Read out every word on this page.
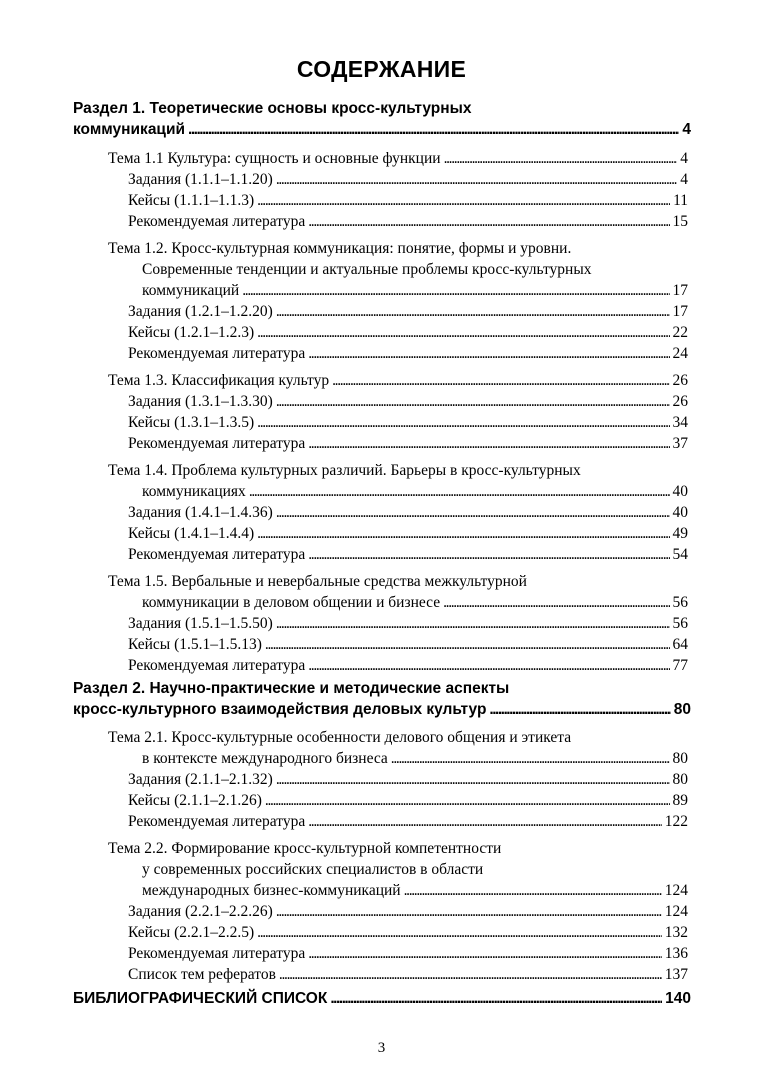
СОДЕРЖАНИЕ
Раздел 1. Теоретические основы кросс-культурных
коммуникаций . . .	4
Тема 1.1 Культура: сущность и основные функции . . .	4
Задания (1.1.1–1.1.20) . . .	4
Кейсы (1.1.1–1.1.3) . . .	11
Рекомендуемая литература . . .	15
Тема 1.2. Кросс-культурная коммуникация: понятие, формы и уровни.
Современные тенденции и актуальные проблемы кросс-культурных
коммуникаций . . .	17
Задания (1.2.1–1.2.20) . . .	17
Кейсы (1.2.1–1.2.3) . . .	22
Рекомендуемая литература . . .	24
Тема 1.3. Классификация культур . . .	26
Задания (1.3.1–1.3.30) . . .	26
Кейсы (1.3.1–1.3.5) . . .	34
Рекомендуемая литература . . .	37
Тема 1.4. Проблема культурных различий. Барьеры в кросс-культурных
коммуникациях . . .	40
Задания (1.4.1–1.4.36) . . .	40
Кейсы (1.4.1–1.4.4) . . .	49
Рекомендуемая литература . . .	54
Тема 1.5. Вербальные и невербальные средства межкультурной
коммуникации в деловом общении и бизнесе . . .	56
Задания (1.5.1–1.5.50) . . .	56
Кейсы (1.5.1–1.5.13) . . .	64
Рекомендуемая литература . . .	77
Раздел 2. Научно-практические и методические аспекты
кросс-культурного взаимодействия деловых культур . . .	80
Тема 2.1. Кросс-культурные особенности делового общения и этикета
в контексте международного бизнеса . . .	80
Задания (2.1.1–2.1.32) . . .	80
Кейсы (2.1.1–2.1.26) . . .	89
Рекомендуемая литература . . .	122
Тема 2.2. Формирование кросс-культурной компетентности
у современных российских специалистов в области
международных бизнес-коммуникаций . . .	124
Задания (2.2.1–2.2.26) . . .	124
Кейсы (2.2.1–2.2.5) . . .	132
Рекомендуемая литература . . .	136
Список тем рефератов . . .	137
БИБЛИОГРАФИЧЕСКИЙ СПИСОК . . .	140
3
